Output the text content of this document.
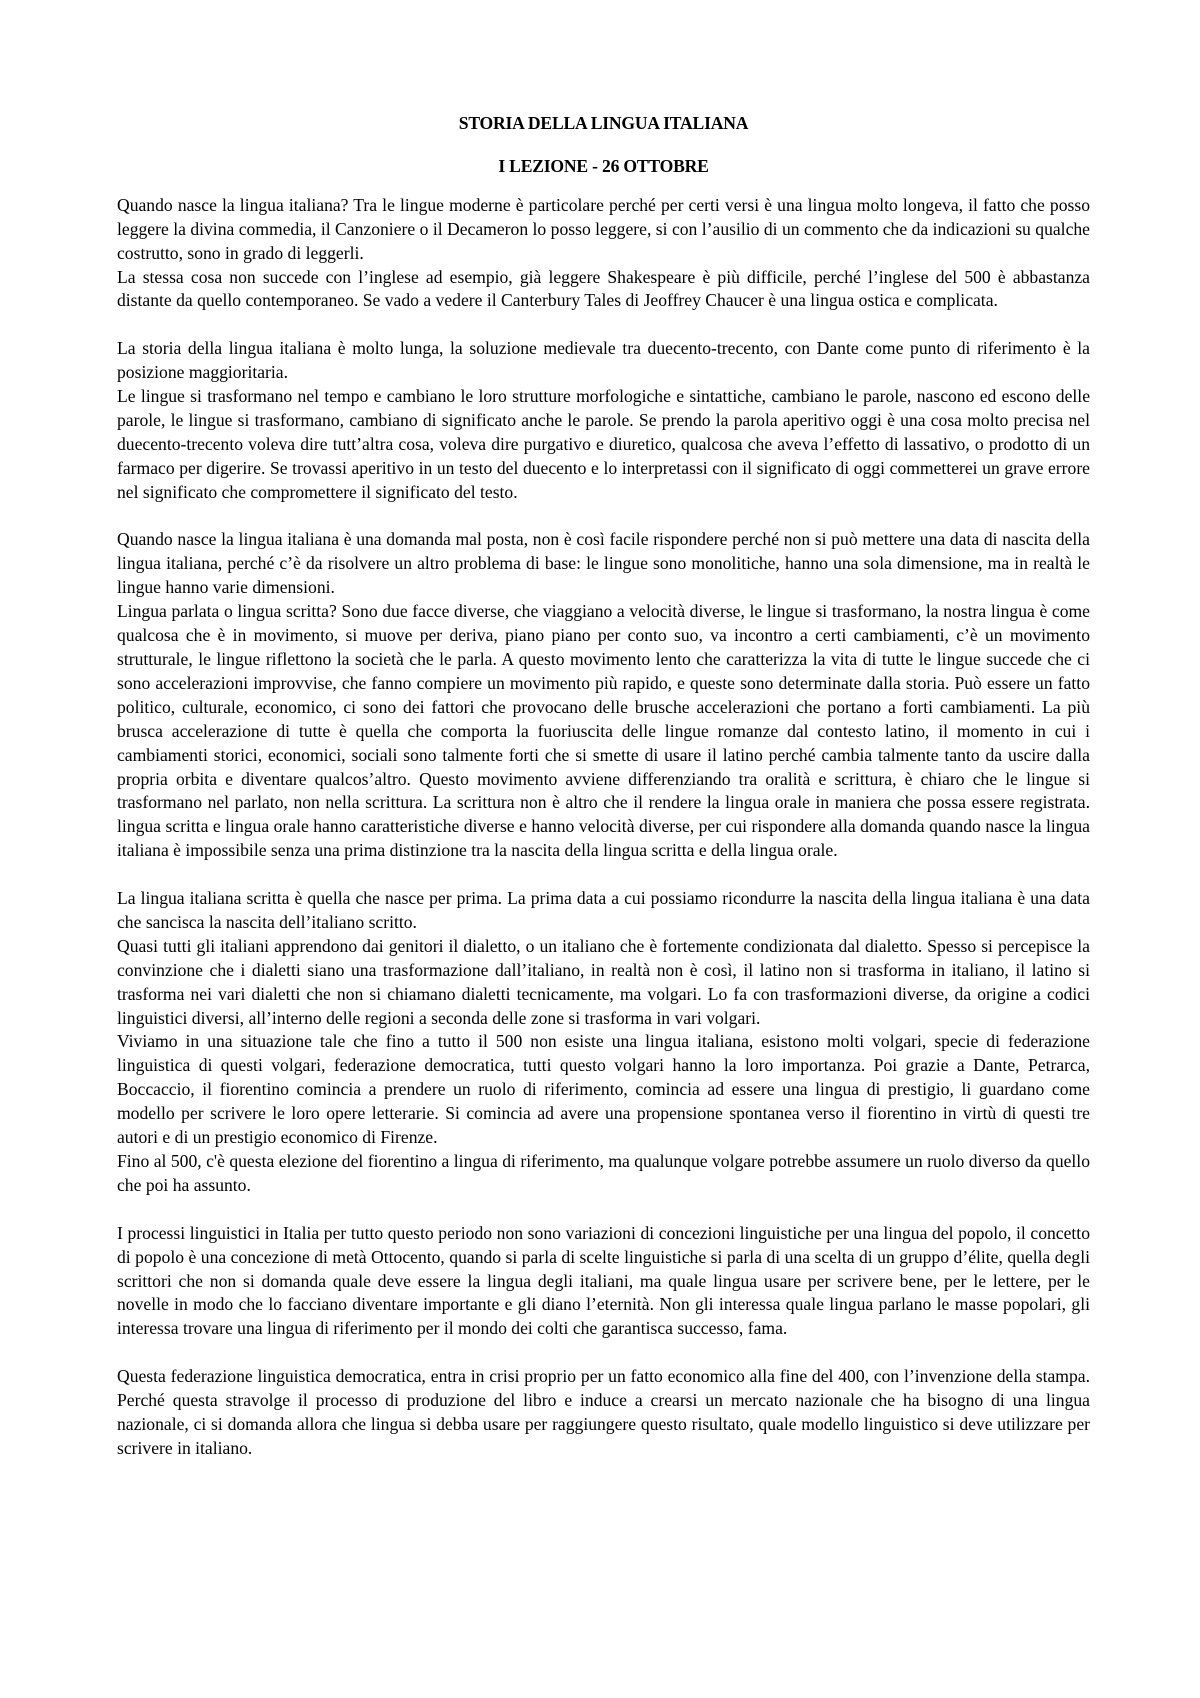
STORIA DELLA LINGUA ITALIANA

I LEZIONE - 26 OTTOBRE

Quando nasce la lingua italiana? Tra le lingue moderne è particolare perché per certi versi è una lingua molto longeva, il fatto che posso leggere la divina commedia, il Canzoniere o il Decameron lo posso leggere, si con l’ausilio di un commento che da indicazioni su qualche costrutto, sono in grado di leggerli.

La stessa cosa non succede con l’inglese ad esempio, già leggere Shakespeare è più difficile, perché l’inglese del 500 è abbastanza distante da quello contemporaneo. Se vado a vedere il Canterbury Tales di Jeoffrey Chaucer è una lingua ostica e complicata.

La storia della lingua italiana è molto lunga, la soluzione medievale tra duecento-trecento, con Dante come punto di riferimento è la posizione maggioritaria.

Le lingue si trasformano nel tempo e cambiano le loro strutture morfologiche e sintattiche, cambiano le parole, nascono ed escono delle parole, le lingue si trasformano, cambiano di significato anche le parole. Se prendo la parola aperitivo oggi è una cosa molto precisa nel duecento-trecento voleva dire tutt’altra cosa, voleva dire purgativo e diuretico, qualcosa che aveva l’effetto di lassativo, o prodotto di un farmaco per digerire. Se trovassi aperitivo in un testo del duecento e lo interpretassi con il significato di oggi commetterei un grave errore nel significato che compromettere il significato del testo.

Quando nasce la lingua italiana è una domanda mal posta, non è così facile rispondere perché non si può mettere una data di nascita della lingua italiana, perché c’è da risolvere un altro problema di base: le lingue sono monolitiche, hanno una sola dimensione, ma in realtà le lingue hanno varie dimensioni.

Lingua parlata o lingua scritta? Sono due facce diverse, che viaggiano a velocità diverse, le lingue si trasformano, la nostra lingua è come qualcosa che è in movimento, si muove per deriva, piano piano per conto suo, va incontro a certi cambiamenti, c’è un movimento strutturale, le lingue riflettono la società che le parla. A questo movimento lento che caratterizza la vita di tutte le lingue succede che ci sono accelerazioni improvvise, che fanno compiere un movimento più rapido, e queste sono determinate dalla storia. Può essere un fatto politico, culturale, economico, ci sono dei fattori che provocano delle brusche accelerazioni che portano a forti cambiamenti. La più brusca accelerazione di tutte è quella che comporta la fuoriuscita delle lingue romanze dal contesto latino, il momento in cui i cambiamenti storici, economici, sociali sono talmente forti che si smette di usare il latino perché cambia talmente tanto da uscire dalla propria orbita e diventare qualcos’altro. Questo movimento avviene differenziando tra oralità e scrittura, è chiaro che le lingue si trasformano nel parlato, non nella scrittura. La scrittura non è altro che il rendere la lingua orale in maniera che possa essere registrata. lingua scritta e lingua orale hanno caratteristiche diverse e hanno velocità diverse, per cui rispondere alla domanda quando nasce la lingua italiana è impossibile senza una prima distinzione tra la nascita della lingua scritta e della lingua orale.

La lingua italiana scritta è quella che nasce per prima. La prima data a cui possiamo ricondurre la nascita della lingua italiana è una data che sancisca la nascita dell’italiano scritto.

Quasi tutti gli italiani apprendono dai genitori il dialetto, o un italiano che è fortemente condizionata dal dialetto. Spesso si percepisce la convinzione che i dialetti siano una trasformazione dall’italiano, in realtà non è così, il latino non si trasforma in italiano, il latino si trasforma nei vari dialetti che non si chiamano dialetti tecnicamente, ma volgari. Lo fa con trasformazioni diverse, da origine a codici linguistici diversi, all’interno delle regioni a seconda delle zone si trasforma in vari volgari.

Viviamo in una situazione tale che fino a tutto il 500 non esiste una lingua italiana, esistono molti volgari, specie di federazione linguistica di questi volgari, federazione democratica, tutti questo volgari hanno la loro importanza. Poi grazie a Dante, Petrarca, Boccaccio, il fiorentino comincia a prendere un ruolo di riferimento, comincia ad essere una lingua di prestigio, li guardano come modello per scrivere le loro opere letterarie. Si comincia ad avere una propensione spontanea verso il fiorentino in virtù di questi tre autori e di un prestigio economico di Firenze.

Fino al 500, c'è questa elezione del fiorentino a lingua di riferimento, ma qualunque volgare potrebbe assumere un ruolo diverso da quello che poi ha assunto.

I processi linguistici in Italia per tutto questo periodo non sono variazioni di concezioni linguistiche per una lingua del popolo, il concetto di popolo è una concezione di metà Ottocento, quando si parla di scelte linguistiche si parla di una scelta di un gruppo d’élite, quella degli scrittori che non si domanda quale deve essere la lingua degli italiani, ma quale lingua usare per scrivere bene, per le lettere, per le novelle in modo che lo facciano diventare importante e gli diano l’eternità. Non gli interessa quale lingua parlano le masse popolari, gli interessa trovare una lingua di riferimento per il mondo dei colti che garantisca successo, fama.

Questa federazione linguistica democratica, entra in crisi proprio per un fatto economico alla fine del 400, con l’invenzione della stampa. Perché questa stravolge il processo di produzione del libro e induce a crearsi un mercato nazionale che ha bisogno di una lingua nazionale, ci si domanda allora che lingua si debba usare per raggiungere questo risultato, quale modello linguistico si deve utilizzare per scrivere in italiano.
